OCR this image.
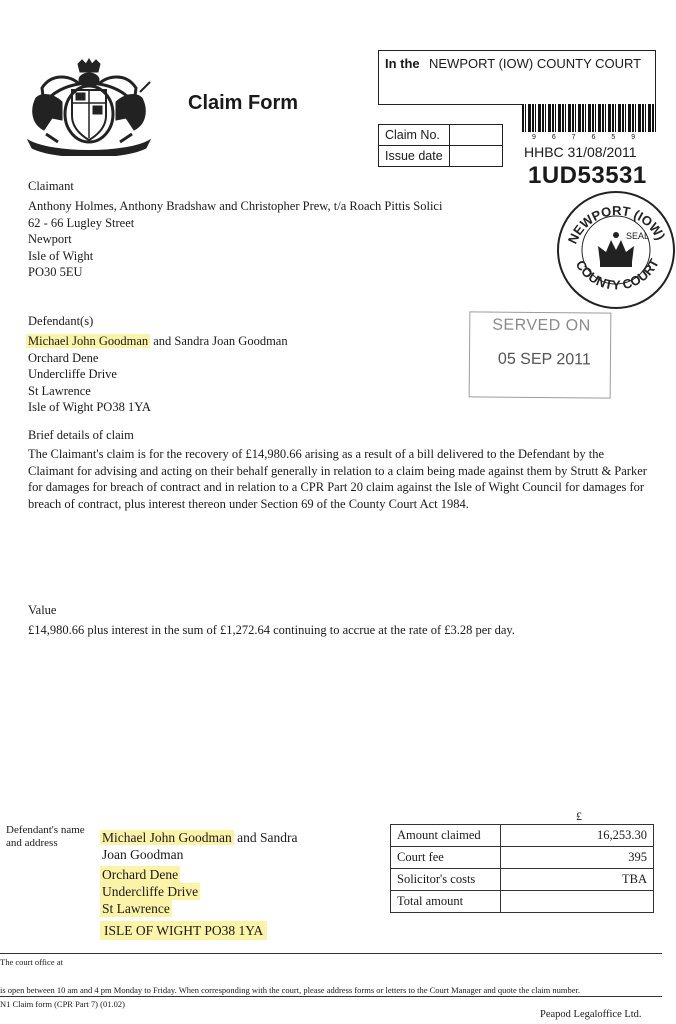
Claim Form
In the NEWPORT (IOW) COUNTY COURT
Claim No.	
Issue date	
9 6 7 6 5 9
HHBC 31/08/2011
1UD53531
NEWPORT (IOW)
COUNTY COURT
SEAL
SERVED ON
05 SEP 2011
Claimant
Anthony Holmes, Anthony Bradshaw and Christopher Prew, t/a Roach Pittis Solici
62 - 66 Lugley Street
Newport
Isle of Wight
PO30 5EU
Defendant(s)
Michael John Goodman and Sandra Joan Goodman
Orchard Dene
Undercliffe Drive
St Lawrence
Isle of Wight PO38 1YA
Brief details of claim
The Claimant's claim is for the recovery of £14,980.66 arising as a result of a bill delivered to the Defendant by the Claimant for advising and acting on their behalf generally in relation to a claim being made against them by Strutt & Parker for damages for breach of contract and in relation to a CPR Part 20 claim against the Isle of Wight Council for damages for breach of contract, plus interest thereon under Section 69 of the County Court Act 1984.
Value
£14,980.66 plus interest in the sum of £1,272.64 continuing to accrue at the rate of £3.28 per day.
Defendant's name and address	Michael John Goodman and Sandra
Joan Goodman
Orchard Dene
Undercliffe Drive
St Lawrence
ISLE OF WIGHT PO38 1YA
£
Amount claimed	16,253.30
Court fee	395
Solicitor's costs	TBA
Total amount	
The court office at
is open between 10 am and 4 pm Monday to Friday. When corresponding with the court, please address forms or letters to the Court Manager and quote the claim number.
N1 Claim form (CPR Part 7) (01.02)
Peapod Legaloffice Ltd.
